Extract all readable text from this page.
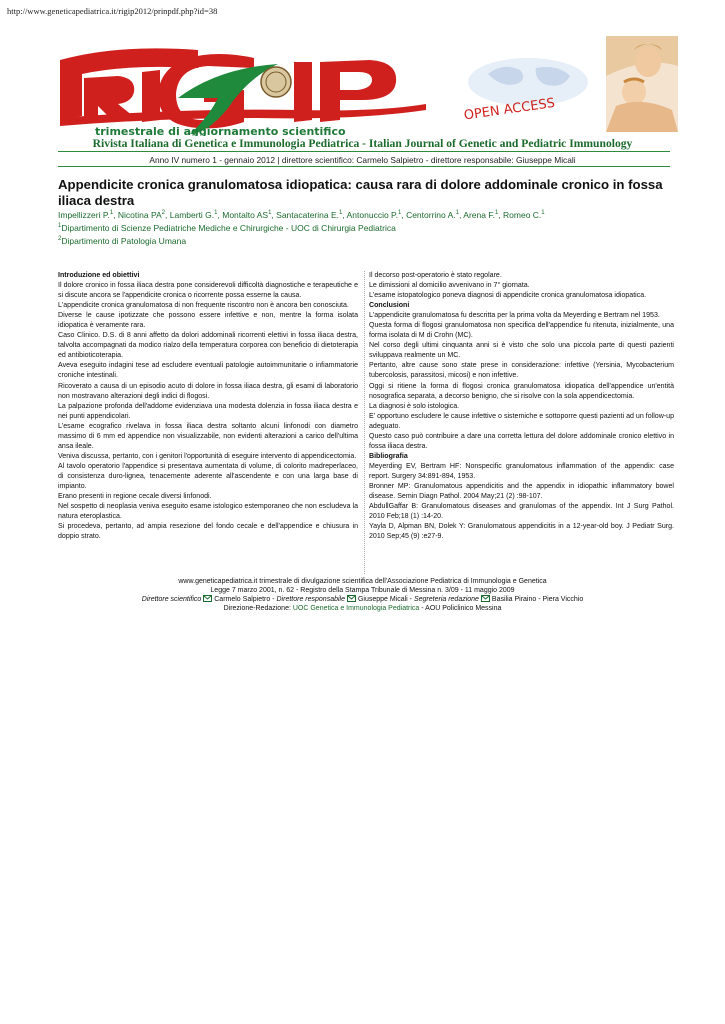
http://www.geneticapediatrica.it/rigip2012/prinpdf.php?id=38
trimestrale di aggiornamento scientifico
OPEN ACCESS
Rivista Italiana di Genetica e Immunologia Pediatrica - Italian Journal of Genetic and Pediatric Immunology
Anno IV numero 1 - gennaio 2012 | direttore scientifico: Carmelo Salpietro - direttore responsabile: Giuseppe Micali
Appendicite cronica granulomatosa idiopatica: causa rara di dolore addominale cronico in fossa iliaca destra
Impellizzeri P.$^1$, Nicotina $PA^2$, Lamberti G.$^1$, Montalto $AS^1$, Santacaterina E.$^1$, Antonuccio P.$^1$, Centorrino A.$^1$, Arena F.$^1$, Romeo C.$^1$
$^1$Dipartimento di Scienze Pediatriche Mediche e Chirurgiche - UOC di Chirurgia Pediatrica
$^2$Dipartimento di Patologia Umana

Introduzione ed obiettivi

Il dolore cronico in fossa iliaca destra pone considerevoli difficoltà diagnostiche e terapeutiche e si discute ancora se l'appendicite cronica o ricorrente possa esserne la causa.

L'appendicite cronica granulomatosa di non frequente riscontro non è ancora ben conosciuta.

Diverse le cause ipotizzate che possono essere infettive e non, mentre la forma isolata idiopatica è veramente rara.

Caso Clinico. D.S. di 8 anni affetto da dolori addominali ricorrenti elettivi in fossa iliaca destra, talvolta accompagnati da modico rialzo della temperatura corporea con beneficio di dietoterapia ed antibioticoterapia.

Aveva eseguito indagini tese ad escludere eventuali patologie autoimmunitarie o infiammatorie croniche intestinali.

Ricoverato a causa di un episodio acuto di dolore in fossa iliaca destra, gli esami di laboratorio non mostravano alterazioni degli indici di flogosi.

La palpazione profonda dell'addome evidenziava una modesta dolenzia in fossa iliaca destra e nei punti appendicolari.

L'esame ecografico rivelava in fossa iliaca destra soltanto alcuni linfonodi con diametro massimo di 6 mm ed appendice non visualizzabile, non evidenti alterazioni a carico dell'ultima ansa ileale.

Veniva discussa, pertanto, con i genitori l'opportunità di eseguire intervento di appendicectomia.

Al tavolo operatorio l'appendice si presentava aumentata di volume, di colorito madreperlaceo, di consistenza duro-lignea, tenacemente aderente all'ascendente e con una larga base di impianto.

Erano presenti in regione cecale diversi linfonodi.

Nel sospetto di neoplasia veniva eseguito esame istologico estemporaneo che non escludeva la natura eteroplastica.

Si procedeva, pertanto, ad ampia resezione del fondo cecale e dell'appendice e chiusura in doppio strato.

Il decorso post-operatorio è stato regolare.

Le dimissioni al domicilio avvenivano in 7° giornata.

L'esame istopatologico poneva diagnosi di appendicite cronica granulomatosa idiopatica.

Conclusioni

L'appendicite granulomatosa fu descritta per la prima volta da Meyerding e Bertram nel 1953.

Questa forma di flogosi granulomatosa non specifica dell'appendice fu ritenuta, inizialmente, una forma isolata di M di Crohn (MC).

Nel corso degli ultimi cinquanta anni si è visto che solo una piccola parte di questi pazienti sviluppava realmente un MC.

Pertanto, altre cause sono state prese in considerazione: infettive (Yersinia, Mycobacterium tubercolosis, parassitosi, micosi) e non infettive.

Oggi si ritiene la forma di flogosi cronica granulomatosa idiopatica dell'appendice un'entità nosografica separata, a decorso benigno, che si risolve con la sola appendicectomia.

La diagnosi è solo istologica.

E' opportuno escludere le cause infettive o sistemiche e sottoporre questi pazienti ad un follow-up adeguato.

Questo caso può contribuire a dare una corretta lettura del dolore addominale cronico elettivo in fossa iliaca destra.

Bibliografia

Meyerding EV, Bertram HF: Nonspecific granulomatous inflammation of the appendix: case report. Surgery 34:891-894, 1953.

Bronner MP: Granulomatous appendicitis and the appendix in idiopathic inflammatory bowel disease. Semin Diagn Pathol. 2004 May;21 (2) :98-107.

AbdullGaffar B: Granulomatous diseases and granulomas of the appendix. Int J Surg Pathol. 2010 Feb;18 (1) :14-20.

Yayla D, Alpman BN, Dolek Y: Granulomatous appendicitis in a 12-year-old boy. J Pediatr Surg. 2010 Sep;45 (9) :e27-9.

www.geneticapediatrica.it trimestrale di divulgazione scientifica dell'Associazione Pediatrica di Immunologia e Genetica
Legge 7 marzo 2001, n. 62 - Registro della Stampa Tribunale di Messina n. 3/09 - 11 maggio 2009
Direttore scientifico Carmelo Salpietro - Direttore responsabile Giuseppe Micali - Segreteria redazione Basilia Piraino - Piera Vicchio
Direzione-Redazione: UOC Genetica e Immunologia Pediatrica - AOU Policlinico Messina
